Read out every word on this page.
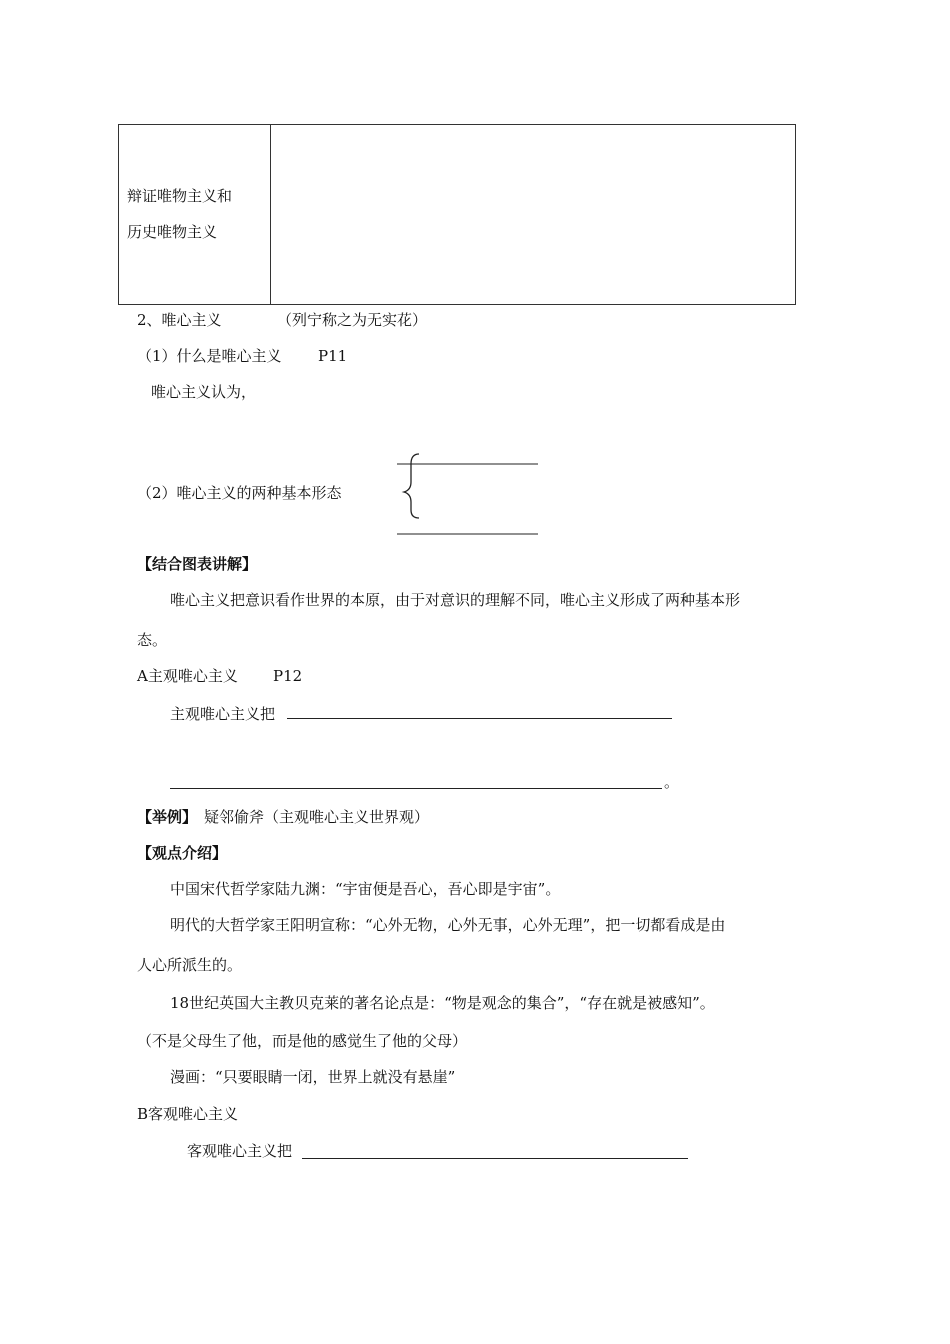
辩证唯物主义和
历史唯物主义
2、唯心主义	（列宁称之为无实花）
（1）什么是唯心主义 P11
唯心主义认为，
（2）唯心主义的两种基本形态
【结合图表讲解】
唯心主义把意识看作世界的本原，由于对意识的理解不同，唯心主义形成了两种基本形
态。
A主观唯心主义 P12
主观唯心主义把
。
【举例】 疑邻偷斧（主观唯心主义世界观）
【观点介绍】
中国宋代哲学家陆九渊：“宇宙便是吾心，吾心即是宇宙”。
明代的大哲学家王阳明宣称：“心外无物，心外无事，心外无理”，把一切都看成是由
人心所派生的。
18世纪英国大主教贝克莱的著名论点是：“物是观念的集合”，“存在就是被感知”。
（不是父母生了他，而是他的感觉生了他的父母）
漫画：“只要眼睛一闭，世界上就没有悬崖”
B客观唯心主义
客观唯心主义把
